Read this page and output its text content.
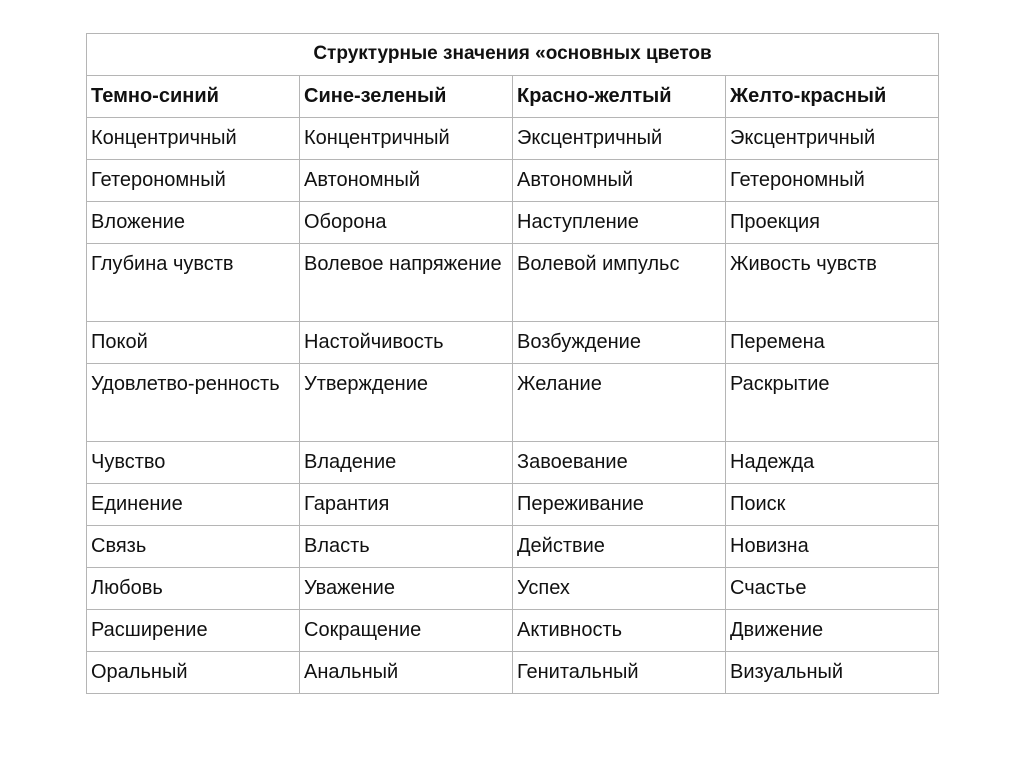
Структурные значения «основных цветов			
Темно-синий	Сине-зеленый	Красно-желтый	Желто-красный
Концентричный	Концентричный	Эксцентричный	Эксцентричный
Гетерономный	Автономный	Автономный	Гетерономный
Вложение	Оборона	Наступление	Проекция
Глубина чувств	Волевое напряжение	Волевой импульс	Живость чувств
Покой	Настойчивость	Возбуждение	Перемена
Удовлетво-ренность	Утверждение	Желание	Раскрытие
Чувство	Владение	Завоевание	Надежда
Единение	Гарантия	Переживание	Поиск
Связь	Власть	Действие	Новизна
Любовь	Уважение	Успех	Счастье
Расширение	Сокращение	Активность	Движение
Оральный	Анальный	Генитальный	Визуальный
